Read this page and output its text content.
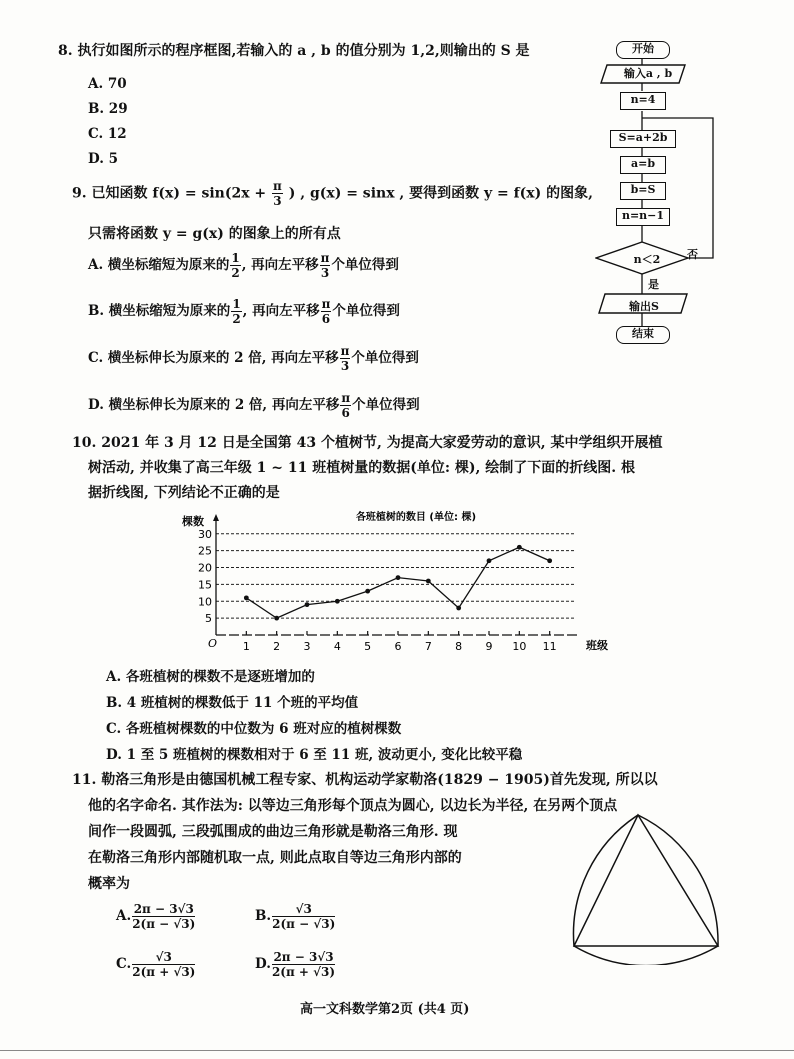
8. 执行如图所示的程序框图,若输入的 a , b 的值分别为 1,2,则输出的 S 是
A. 70
B. 29
C. 12
D. 5
开始
输入a , b
n=4
S=a+2b
a=b
b=S
n=n−1
n＜2	否
是
输出S
结束
9. 已知函数 $f(x) = \sin(2x + \frac{\pi}{3}$ ) , g(x) = sinx , 要得到函数 y = f(x) 的图象,
只需将函数 y = g(x) 的图象上的所有点
A. 横坐标缩短为原来的 $\frac{1}{2}$ , 再向左平移 $\frac{\pi}{3}$ 个单位得到
B. 横坐标缩短为原来的 $\frac{1}{2}$ , 再向左平移 $\frac{\pi}{6}$ 个单位得到
C. 横坐标伸长为原来的 2 倍, 再向左平移 $\frac{\pi}{3}$ 个单位得到
D. 横坐标伸长为原来的 2 倍, 再向左平移 $\frac{\pi}{6}$ 个单位得到
10. 2021 年 3 月 12 日是全国第 43 个植树节, 为提高大家爱劳动的意识, 某中学组织开展植
树活动, 并收集了高三年级 1 ~ 11 班植树量的数据(单位: 棵), 绘制了下面的折线图. 根
据折线图, 下列结论不正确的是
各班植树的数目 (单位: 棵)
棵数
班级
O
5
10
15
20
25
30
1 2 3 4 5 6 7 8 9 10 11
A. 各班植树的棵数不是逐班增加的
B. 4 班植树的棵数低于 11 个班的平均值
C. 各班植树棵数的中位数为 6 班对应的植树棵数
D. 1 至 5 班植树的棵数相对于 6 至 11 班, 波动更小, 变化比较平稳
11. 勒洛三角形是由德国机械工程专家、机构运动学家勒洛(1829 − 1905)首先发现, 所以以
他的名字命名. 其作法为: 以等边三角形每个顶点为圆心, 以边长为半径, 在另两个顶点
间作一段圆弧, 三段弧围成的曲边三角形就是勒洛三角形. 现
在勒洛三角形内部随机取一点, 则此点取自等边三角形内部的
概率为
A. $\frac{2\pi - 3√3}{2(\pi - √3)}$	B. $\frac{√3}{2(\pi - √3)}$
C. $\frac{√3}{2(\pi + √3)}$	D. $\frac{2\pi - 3√3}{2(\pi + √3)}$
高一文科数学第2页 (共4 页)
